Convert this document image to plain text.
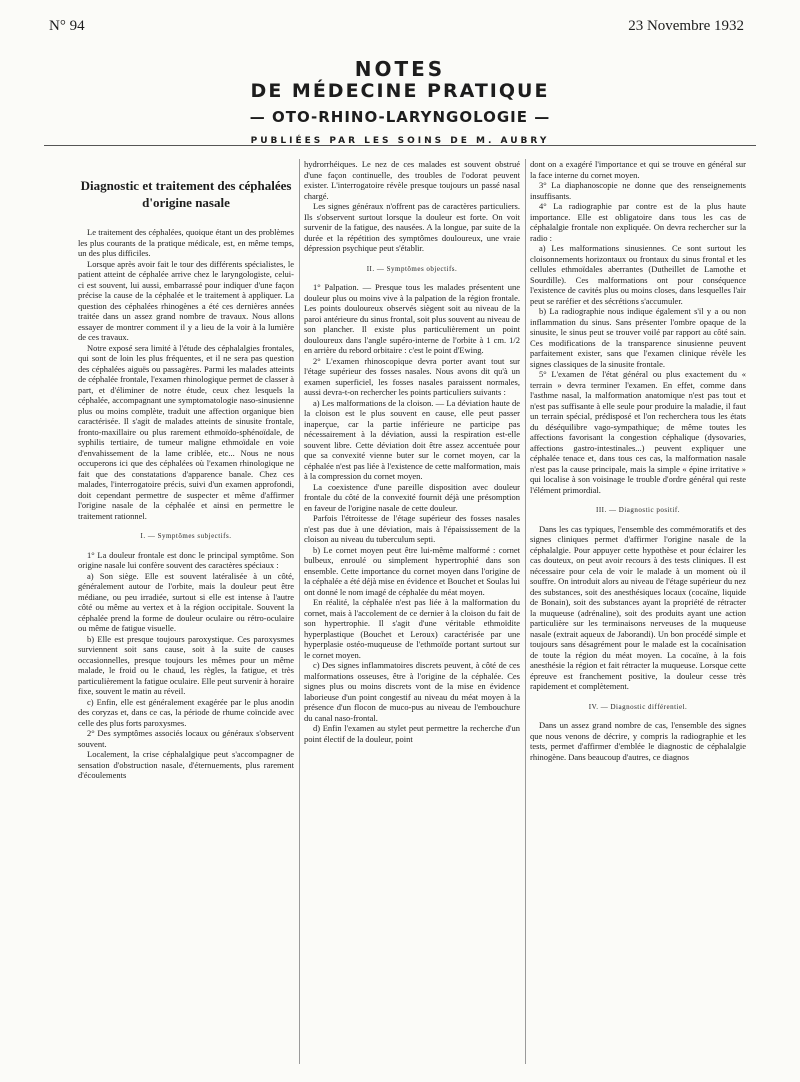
N° 94	23 Novembre 1932
NOTES
DE MÉDECINE PRATIQUE
— OTO-RHINO-LARYNGOLOGIE —
PUBLIÉES PAR LES SOINS DE M. AUBRY
Diagnostic et traitement des céphalées d'origine nasale

Le traitement des céphalées, quoique étant un des problèmes les plus courants de la pratique médicale, est, en même temps, un des plus difficiles.

Lorsque après avoir fait le tour des différents spécialistes, le patient atteint de céphalée arrive chez le laryngologiste, celui-ci est souvent, lui aussi, embarrassé pour indiquer d'une façon précise la cause de la céphalée et le traitement à appliquer. La question des céphalées rhinogènes a été ces dernières années traitée dans un assez grand nombre de travaux. Nous allons essayer de montrer comment il y a lieu de la voir à la lumière de ces travaux.

Notre exposé sera limité à l'étude des céphalalgies frontales, qui sont de loin les plus fréquentes, et il ne sera pas question des céphalées aiguës ou passagères. Parmi les malades atteints de céphalée frontale, l'examen rhinologique permet de classer à part, et d'éliminer de notre étude, ceux chez lesquels la céphalée, accompagnant une symptomatologie naso-sinusienne plus ou moins complète, traduit une affection organique bien caractérisée. Il s'agit de malades atteints de sinusite frontale, fronto-maxillaire ou plus rarement ethmoïdo-sphénoïdale, de syphilis tertiaire, de tumeur maligne ethmoïdale en voie d'envahissement de la lame criblée, etc... Nous ne nous occuperons ici que des céphalées où l'examen rhinologique ne fait que des constatations d'apparence banale. Chez ces malades, l'interrogatoire précis, suivi d'un examen approfondi, doit cependant permettre de suspecter et même d'affirmer l'origine nasale de la céphalée et ainsi en permettre le traitement rationnel.

I. — Symptômes subjectifs.

1° La douleur frontale est donc le principal symptôme. Son origine nasale lui confère souvent des caractères spéciaux :

a) Son siège. Elle est souvent latéralisée à un côté, généralement autour de l'orbite, mais la douleur peut être médiane, ou peu irradiée, surtout si elle est intense à l'autre côté ou même au vertex et à la région occipitale. Souvent la céphalée prend la forme de douleur oculaire ou rétro-oculaire ou même de fatigue visuelle.

b) Elle est presque toujours paroxystique. Ces paroxysmes surviennent soit sans cause, soit à la suite de causes occasionnelles, presque toujours les mêmes pour un même malade, le froid ou le chaud, les règles, la fatigue, et très particulièrement la fatigue oculaire. Elle peut survenir à horaire fixe, souvent le matin au réveil.

c) Enfin, elle est généralement exagérée par le plus anodin des coryzas et, dans ce cas, la période de rhume coïncide avec celle des plus forts paroxysmes.

2° Des symptômes associés locaux ou généraux s'observent souvent.

Localement, la crise céphalalgique peut s'accompagner de sensation d'obstruction nasale, d'éternuements, plus rarement d'écoulements

hydrorrhéiques. Le nez de ces malades est souvent obstrué d'une façon continuelle, des troubles de l'odorat peuvent exister. L'interrogatoire révèle presque toujours un passé nasal chargé.

Les signes généraux n'offrent pas de caractères particuliers. Ils s'observent surtout lorsque la douleur est forte. On voit survenir de la fatigue, des nausées. A la longue, par suite de la durée et la répétition des symptômes douloureux, une vraie dépression psychique peut s'établir.

II. — Symptômes objectifs.

1° Palpation. — Presque tous les malades présentent une douleur plus ou moins vive à la palpation de la région frontale. Les points douloureux observés siègent soit au niveau de la paroi antérieure du sinus frontal, soit plus souvent au niveau de son plancher. Il existe plus particulièrement un point douloureux dans l'angle supéro-interne de l'orbite à 1 cm. 1/2 en arrière du rebord orbitaire : c'est le point d'Ewing.

2° L'examen rhinoscopique devra porter avant tout sur l'étage supérieur des fosses nasales. Nous avons dit qu'à un examen superficiel, les fosses nasales paraissent normales, aussi devra-t-on rechercher les points particuliers suivants :

a) Les malformations de la cloison. — La déviation haute de la cloison est le plus souvent en cause, elle peut passer inaperçue, car la partie inférieure ne participe pas nécessairement à la déviation, aussi la respiration est-elle souvent libre. Cette déviation doit être assez accentuée pour que sa convexité vienne buter sur le cornet moyen, car la céphalée n'est pas liée à l'existence de cette malformation, mais à la compression du cornet moyen.

La coexistence d'une pareille disposition avec douleur frontale du côté de la convexité fournit déjà une présomption en faveur de l'origine nasale de cette douleur.

Parfois l'étroitesse de l'étage supérieur des fosses nasales n'est pas due à une déviation, mais à l'épaississement de la cloison au niveau du tuberculum septi.

b) Le cornet moyen peut être lui-même malformé : cornet bulbeux, enroulé ou simplement hypertrophié dans son ensemble. Cette importance du cornet moyen dans l'origine de la céphalée a été déjà mise en évidence et Bouchet et Soulas lui ont donné le nom imagé de céphalée du méat moyen.

En réalité, la céphalée n'est pas liée à la malformation du cornet, mais à l'accolement de ce dernier à la cloison du fait de son hypertrophie. Il s'agit d'une véritable ethmoïdite hyperplastique (Bouchet et Leroux) caractérisée par une hyperplasie ostéo-muqueuse de l'ethmoïde portant surtout sur le cornet moyen.

c) Des signes inflammatoires discrets peuvent, à côté de ces malformations osseuses, être à l'origine de la céphalée. Ces signes plus ou moins discrets vont de la mise en évidence laborieuse d'un point congestif au niveau du méat moyen à la présence d'un flocon de muco-pus au niveau de l'embouchure du canal naso-frontal.

d) Enfin l'examen au stylet peut permettre la recherche d'un point électif de la douleur, point

dont on a exagéré l'importance et qui se trouve en général sur la face interne du cornet moyen.

3° La diaphanoscopie ne donne que des renseignements insuffisants.

4° La radiographie par contre est de la plus haute importance. Elle est obligatoire dans tous les cas de céphalalgie frontale non expliquée. On devra rechercher sur la radio :

a) Les malformations sinusiennes. Ce sont surtout les cloisonnements horizontaux ou frontaux du sinus frontal et les cellules ethmoïdales aberrantes (Dutheillet de Lamothe et Sourdille). Ces malformations ont pour conséquence l'existence de cavités plus ou moins closes, dans lesquelles l'air peut se raréfier et des sécrétions s'accumuler.

b) La radiographie nous indique également s'il y a ou non inflammation du sinus. Sans présenter l'ombre opaque de la sinusite, le sinus peut se trouver voilé par rapport au côté sain. Ces modifications de la transparence sinusienne peuvent parfaitement exister, sans que l'examen clinique révèle les signes classiques de la sinusite frontale.

5° L'examen de l'état général ou plus exactement du « terrain » devra terminer l'examen. En effet, comme dans l'asthme nasal, la malformation anatomique n'est pas tout et n'est pas suffisante à elle seule pour produire la maladie, il faut un terrain spécial, prédisposé et l'on recherchera tous les états du déséquilibre vago-sympathique; de même toutes les affections favorisant la congestion céphalique (dysovaries, affections gastro-intestinales...) peuvent expliquer une céphalée tenace et, dans tous ces cas, la malformation nasale n'est pas la cause principale, mais la simple « épine irritative » qui localise à son voisinage le trouble d'ordre général qui reste l'élément primordial.

III. — Diagnostic positif.

Dans les cas typiques, l'ensemble des commémoratifs et des signes cliniques permet d'affirmer l'origine nasale de la céphalalgie. Pour appuyer cette hypothèse et pour éclairer les cas douteux, on peut avoir recours à des tests cliniques. Il est nécessaire pour cela de voir le malade à un moment où il souffre. On introduit alors au niveau de l'étage supérieur du nez des substances, soit des anesthésiques locaux (cocaïne, liquide de Bonain), soit des substances ayant la propriété de rétracter la muqueuse (adrénaline), soit des produits ayant une action particulière sur les terminaisons nerveuses de la muqueuse nasale (extrait aqueux de Jaborandi). Un bon procédé simple et toujours sans désagrément pour le malade est la cocaïnisation de toute la région du méat moyen. La cocaïne, à la fois anesthésie la région et fait rétracter la muqueuse. Lorsque cette épreuve est franchement positive, la douleur cesse très rapidement et complètement.

IV. — Diagnostic différentiel.

Dans un assez grand nombre de cas, l'ensemble des signes que nous venons de décrire, y compris la radiographie et les tests, permet d'affirmer d'emblée le diagnostic de céphalalgie rhinogène. Dans beaucoup d'autres, ce diagnos
